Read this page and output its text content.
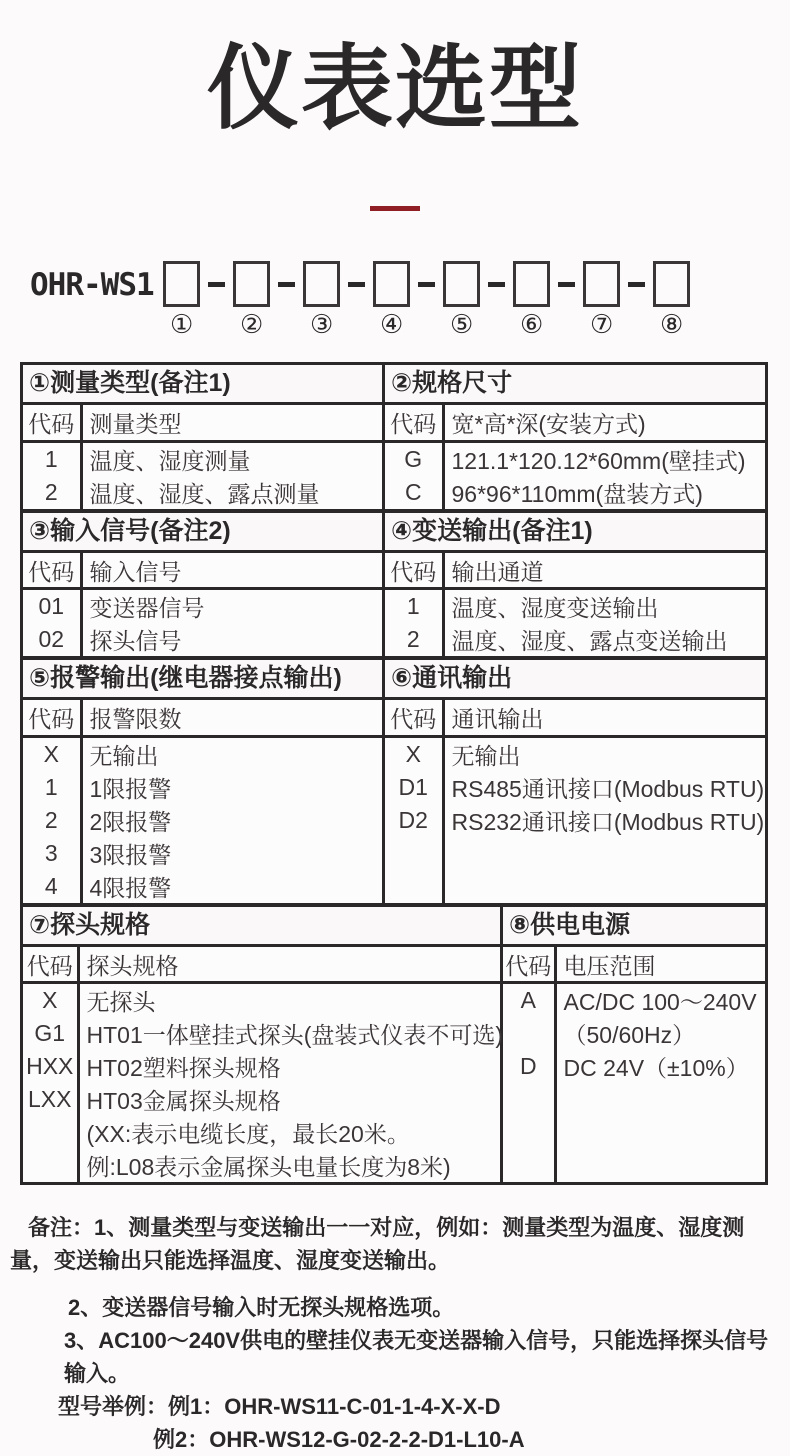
仪表选型
OHR-WS1
① ② ③ ④ ⑤ ⑥ ⑦ ⑧
①测量类型(备注1)
代码	测量类型
1	温度、湿度测量
2	温度、湿度、露点测量

②规格尺寸
代码	宽*高*深(安装方式)
G	121.1*120.12*60mm(壁挂式)
C	96*96*110mm(盘装方式)

③输入信号(备注2)
代码	输入信号
01	变送器信号
02	探头信号

④变送输出(备注1)
代码	输出通道
1	温度、湿度变送输出
2	温度、湿度、露点变送输出

⑤报警输出(继电器接点输出)
代码	报警限数
X	无输出
1	1限报警
2	2限报警
3	3限报警
4	4限报警

⑥通讯输出
代码	通讯输出
X	无输出
D1	RS485通讯接口(Modbus RTU)
D2	RS232通讯接口(Modbus RTU)

⑦探头规格
代码	探头规格
X	无探头
G1	HT01一体壁挂式探头(盘装式仪表不可选)
HXX	HT02塑料探头规格
LXX	HT03金属探头规格
	(XX:表示电缆长度，最长20米。
	例:L08表示金属探头电量长度为8米)

⑧供电电源
代码	电压范围
A	AC/DC 100～240V
	（50/60Hz）
D	DC 24V（±10%）

备注：1、测量类型与变送输出一一对应，例如：测量类型为温度、湿度测量，变送输出只能选择温度、湿度变送输出。

2、变送器信号输入时无探头规格选项。

3、AC100～240V供电的壁挂仪表无变送器输入信号，只能选择探头信号输入。

型号举例：例1：OHR-WS11-C-01-1-4-X-X-D

例2：OHR-WS12-G-02-2-2-D1-L10-A
